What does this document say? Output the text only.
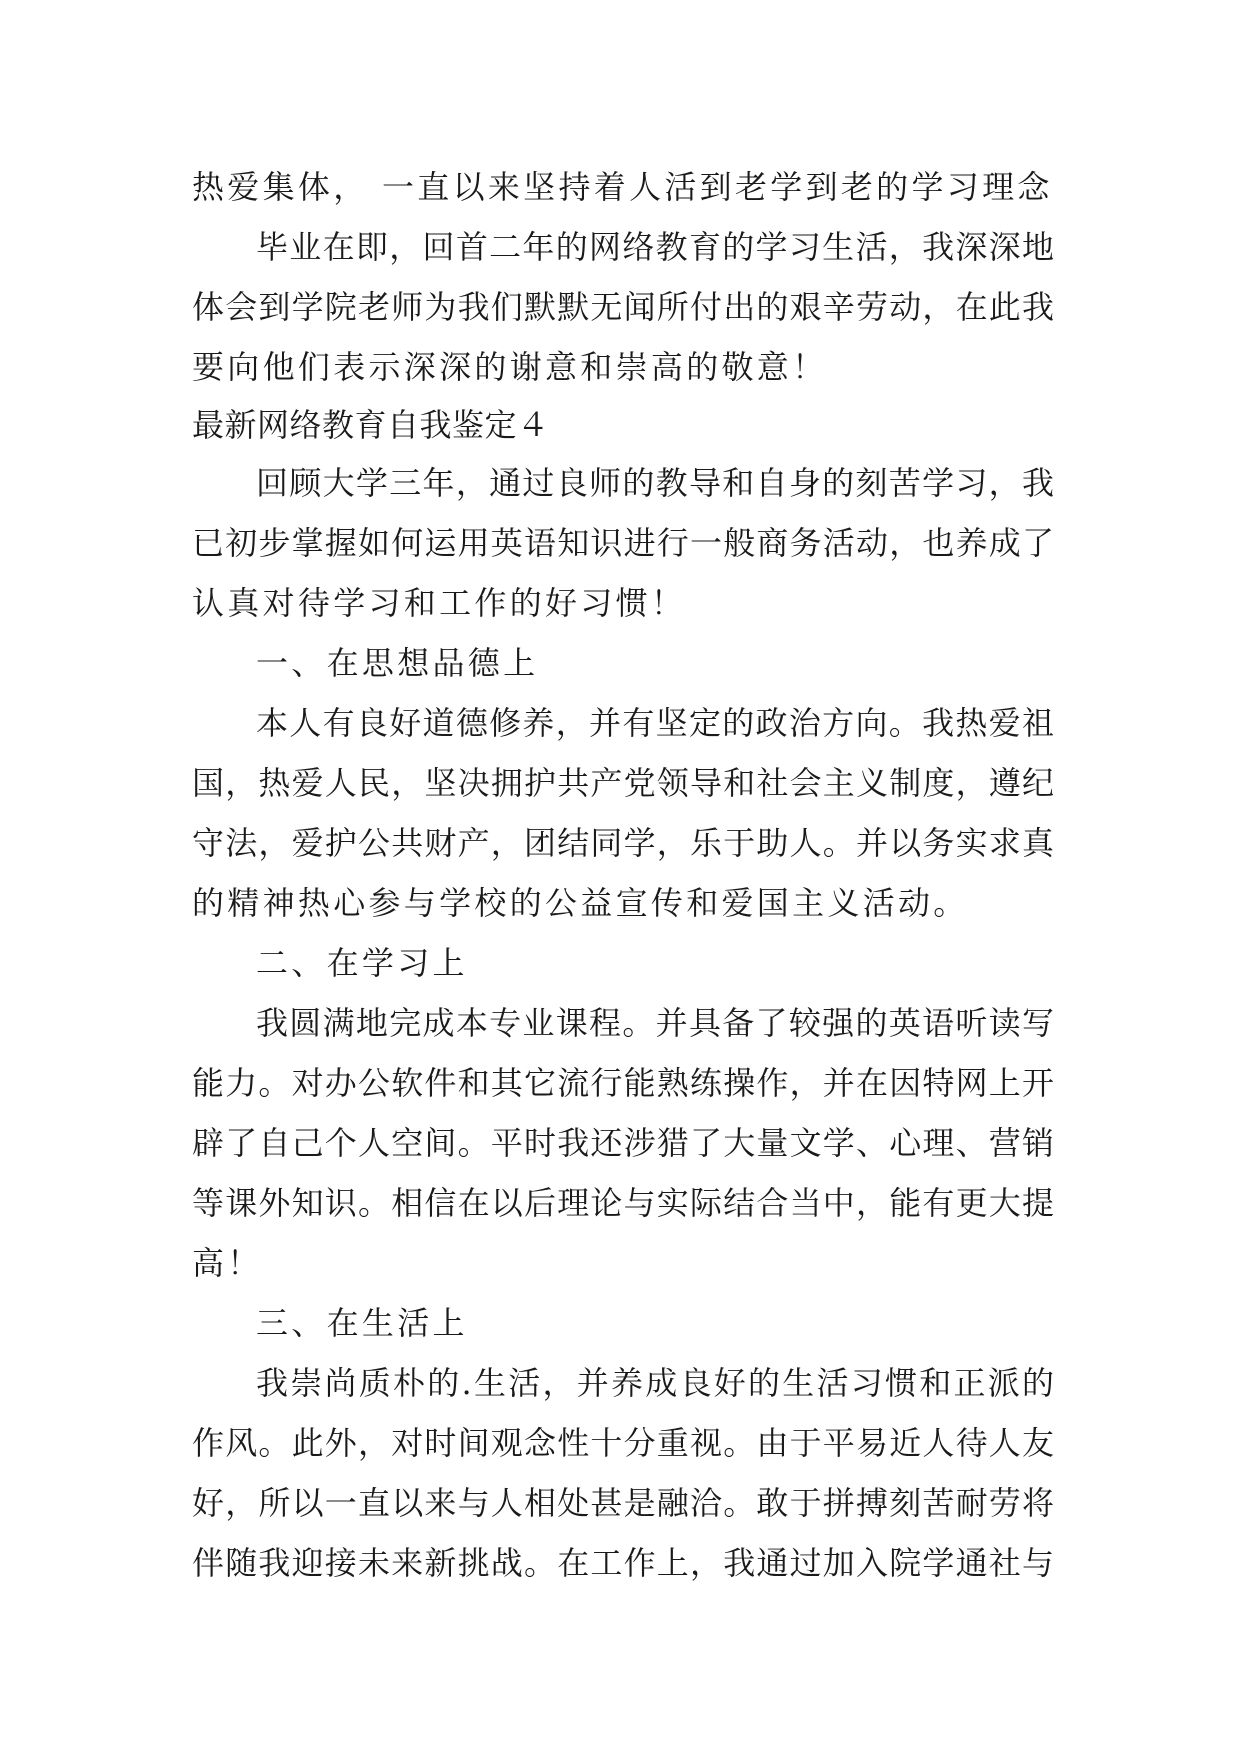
热爱集体， 一直以来坚持着人活到老学到老的学习理念
毕业在即，回首二年的网络教育的学习生活，我深深地
体会到学院老师为我们默默无闻所付出的艰辛劳动，在此我
要向他们表示深深的谢意和崇高的敬意！
最新网络教育自我鉴定４
回顾大学三年，通过良师的教导和自身的刻苦学习，我
已初步掌握如何运用英语知识进行一般商务活动，也养成了
认真对待学习和工作的好习惯！
一、在思想品德上
本人有良好道德修养，并有坚定的政治方向。我热爱祖
国，热爱人民，坚决拥护共产党领导和社会主义制度，遵纪
守法，爱护公共财产，团结同学，乐于助人。并以务实求真
的精神热心参与学校的公益宣传和爱国主义活动。
二、在学习上
我圆满地完成本专业课程。并具备了较强的英语听读写
能力。对办公软件和其它流行能熟练操作，并在因特网上开
辟了自己个人空间。平时我还涉猎了大量文学、心理、营销
等课外知识。相信在以后理论与实际结合当中，能有更大提
高！
三、在生活上
我崇尚质朴的.生活，并养成良好的生活习惯和正派的
作风。此外，对时间观念性十分重视。由于平易近人待人友
好，所以一直以来与人相处甚是融洽。敢于拼搏刻苦耐劳将
伴随我迎接未来新挑战。在工作上，我通过加入院学通社与
